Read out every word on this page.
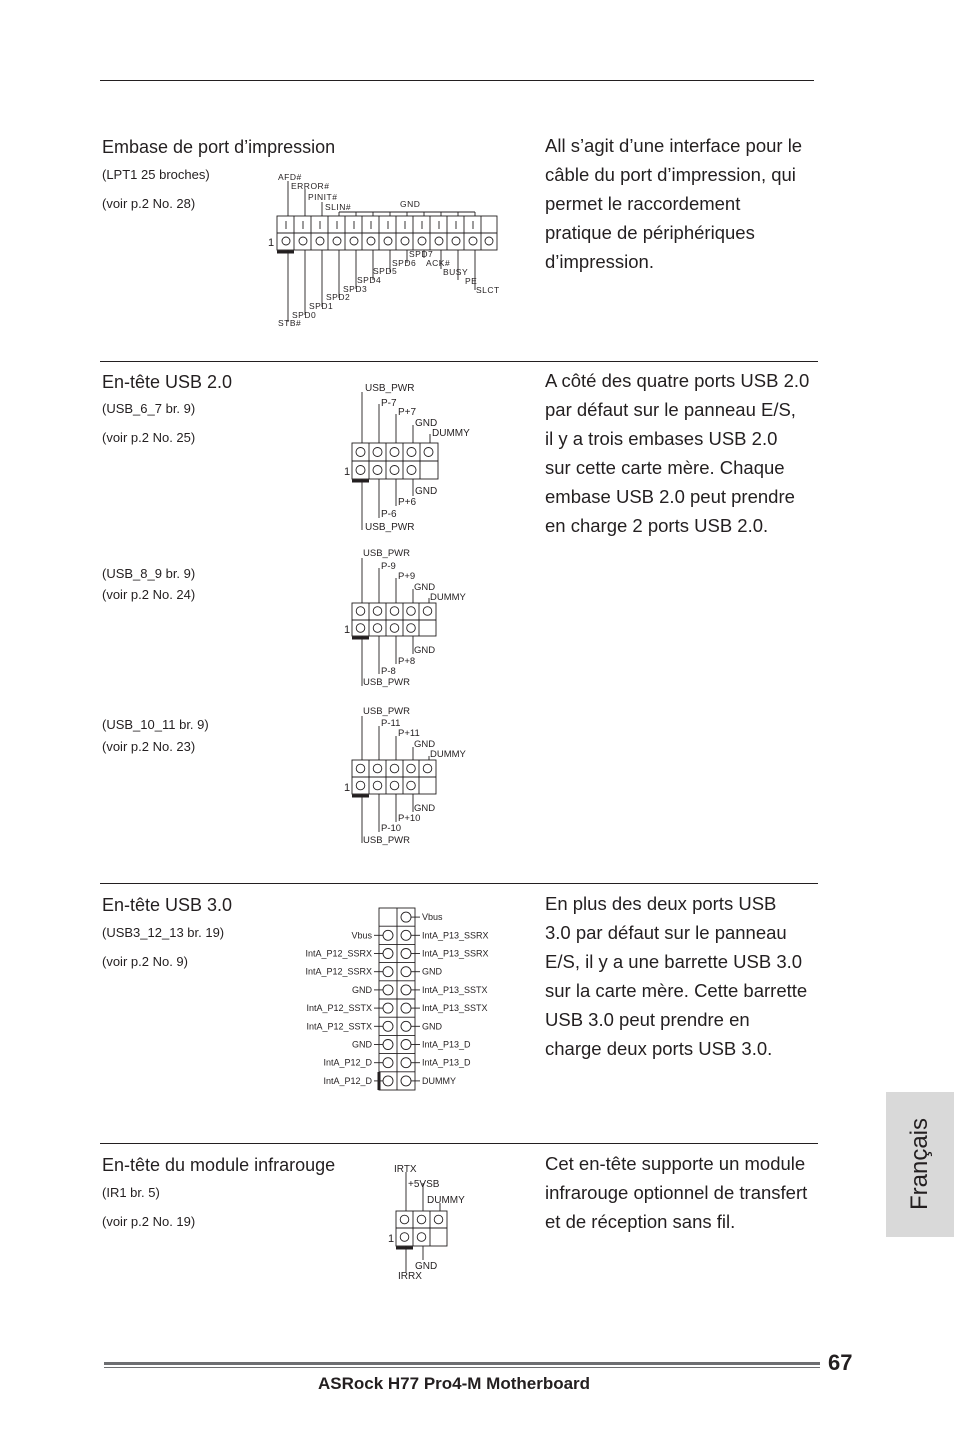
Embase de port d’impression
(LPT1 25 broches)
(voir p.2 No. 28)
All s’agit d’une interface pour le
câble du port d’impression, qui
permet le raccordement
pratique de périphériques
d’impression.
AFD#
ERROR#
PINIT#
SLIN#	GND
SPD7
SPD6 ACK#
SPD5	BUSY
SPD4	PE
SPD3	SLCT
SPD2
SPD1
SPD0
STB#
1
En-tête USB 2.0
(USB_6_7 br. 9)
(voir p.2 No. 25)
A côté des quatre ports USB 2.0
par défaut sur le panneau E/S,
il y a trois embases USB 2.0
sur cette carte mère. Chaque
embase USB 2.0 peut prendre
en charge 2 ports USB 2.0.
USB_PWR
P-7
P+7
GND
DUMMY
GND
P+6
P-6
USB_PWR
1
(USB_8_9 br. 9)
(voir p.2 No. 24)
USB_PWR
P-9
P+9
GND
DUMMY
GND
P+8
P-8
USB_PWR
1
(USB_10_11 br. 9)
(voir p.2 No. 23)
USB_PWR
P-11
P+11
GND
DUMMY
GND
P+10
P-10
USB_PWR
1
En-tête USB 3.0
(USB3_12_13 br. 19)
(voir p.2 No. 9)
En plus des deux ports USB
3.0 par défaut sur le panneau
E/S, il y a une barrette USB 3.0
sur la carte mère. Cette barrette
USB 3.0 peut prendre en
charge deux ports USB 3.0.
Vbus
Vbus	IntA_P13_SSRX
IntA_P12_SSRX	IntA_P13_SSRX
IntA_P12_SSRX	GND
GND	IntA_P13_SSTX
IntA_P12_SSTX	IntA_P13_SSTX
IntA_P12_SSTX	GND
GND	IntA_P13_D
IntA_P12_D	IntA_P13_D
IntA_P12_D	DUMMY
En-tête du module infrarouge
(IR1 br. 5)
(voir p.2 No. 19)
Cet en-tête supporte un module
infrarouge optionnel de transfert
et de réception sans fil.
IRTX
+5VSB
DUMMY
GND
IRRX
1
Français
67
ASRock H77 Pro4-M Motherboard
